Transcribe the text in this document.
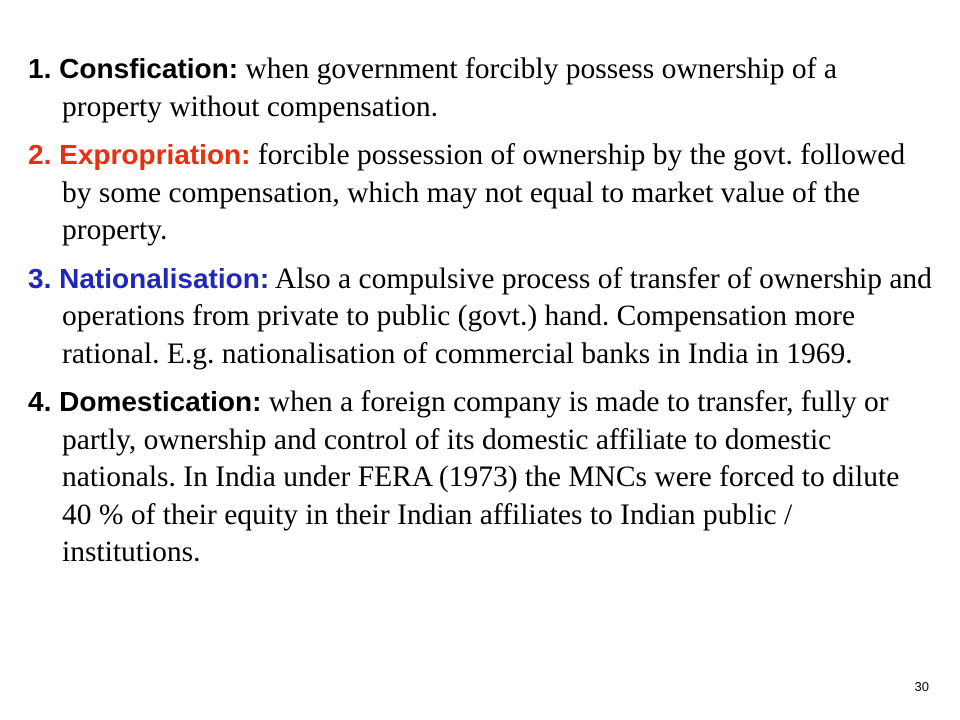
1. Consfication: when government forcibly possess ownership of a property without compensation.

2. Expropriation: forcible possession of ownership by the govt. followed by some compensation, which may not equal to market value of the property.

3. Nationalisation: Also a compulsive process of transfer of ownership and operations from private to public (govt.) hand. Compensation more rational. E.g. nationalisation of commercial banks in India in 1969.

4. Domestication: when a foreign company is made to transfer, fully or partly, ownership and control of its domestic affiliate to domestic nationals. In India under FERA (1973) the MNCs were forced to dilute 40 % of their equity in their Indian affiliates to Indian public / institutions.

30
